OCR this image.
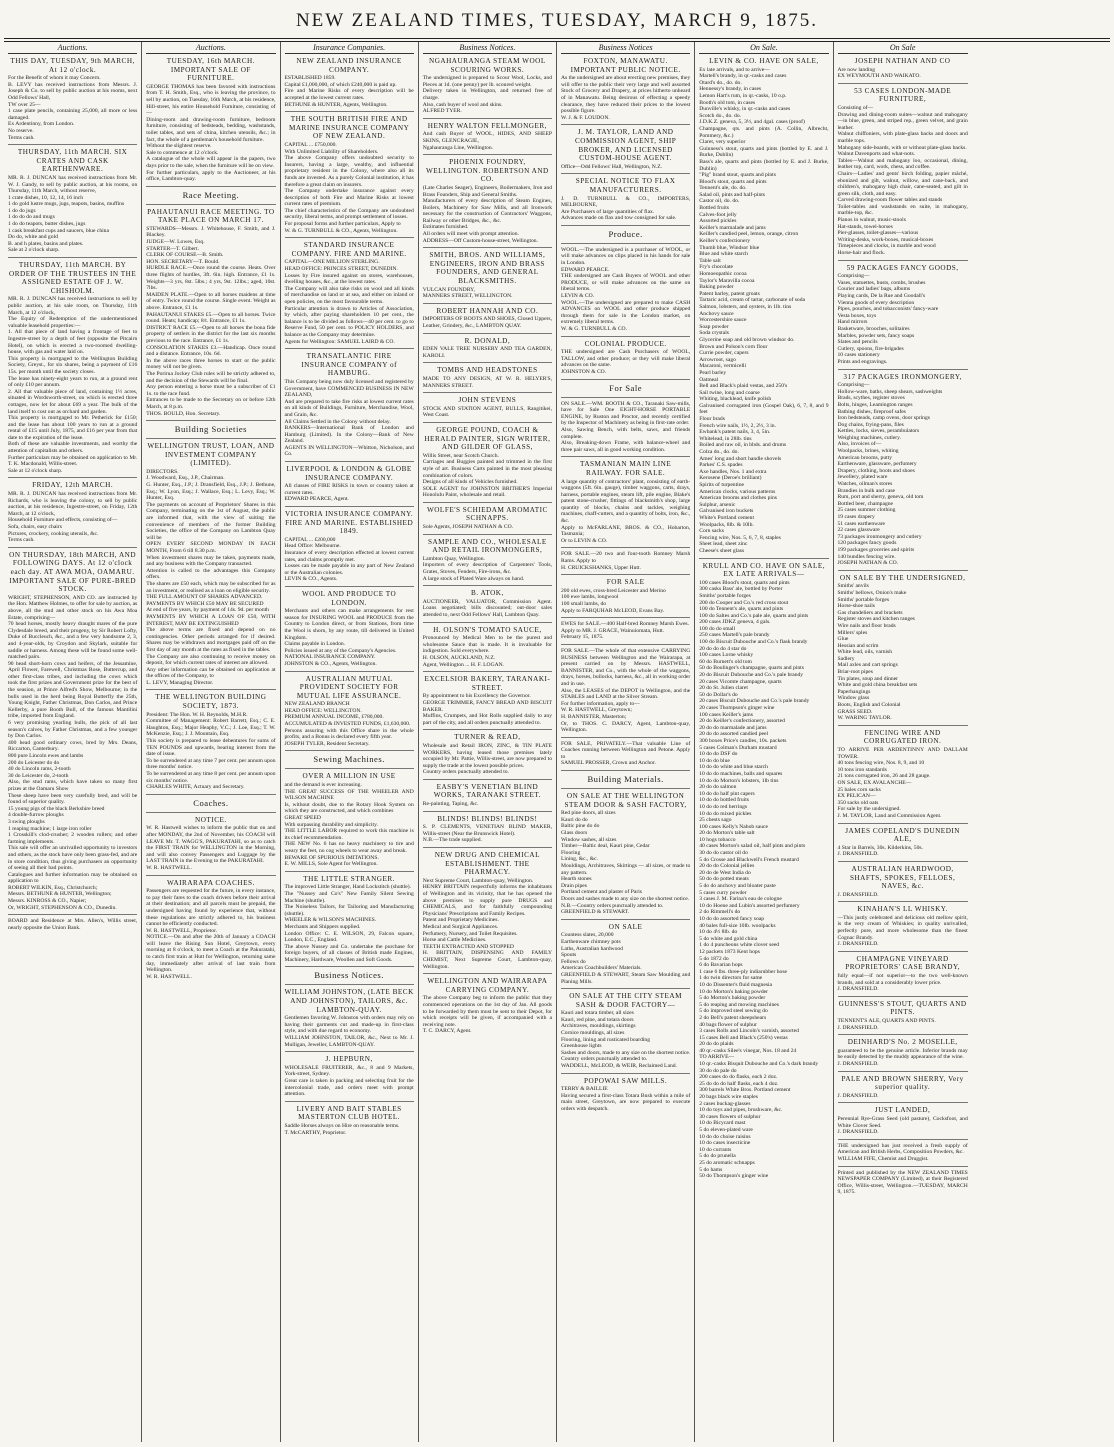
NEW ZEALAND TIMES, TUESDAY, MARCH 9, 1875.
Auctions.
THIS DAY, TUESDAY, 9th MARCH, At 12 o'clock.
For the Benefit of whom it may Concern.
B. LEVY has received instructions from Messrs. J. Joseph & Co. to sell by public auction at his rooms, next Odd Fellows' Hall,
TW over 25—
1 case plate pencils, containing 25,000, all more or less damaged.
Ex Ardentinny, from London.
No reserve.
Terms cash.
THURSDAY, 11th MARCH. SIX CRATES AND CASK EARTHENWARE.
MR. R. J. DUNCAN has received instructions from Mr. W. J. Gandy, to sell by public auction, at his rooms, on Thursday, 11th March, without reserve,
1 crate dishes, 10, 12, 14, 16 inch
1 do gold lustre mugs, jugs, teapots, basins, muffins
1 do do jugs
1 do do do and mugs
1 do do teapots, butter dishes, jugs
1 cask breakfast cups and saucers, blue china
Do do, white and gold
B. and h plates, basins and plates.
Sale at 2 o'clock sharp.
THURSDAY, 11th MARCH. BY ORDER OF THE TRUSTEES IN THE ASSIGNED ESTATE OF J. W. CHISHOLM.
MR. R. J. DUNCAN has received instructions to sell by public auction, at his sale room, on Thursday, 11th March, at 12 o'clock,
The Equity of Redemption of the undermentioned valuable leasehold properties:—
1. All that piece of land having a frontage of feet to Ingestre-street by a depth of feet (opposite the Pitcairn Hotel), on which is erected a two-roomed dwelling-house, with gas and water laid on.
This property is mortgaged to the Wellington Building Society, Greyst., for six shares, being a payment of £16 15s. per month until the society closes.
The lease has ninety-eight years to run, at a ground rent of only £10 per annum.
2. All that valuable piece of land, containing 1½ acres, situated in Wordsworth-street, on which is erected three cottages, now let for about £69 a year. The bulk of the land itself to cost out as orchard and garden.
This property is mortgaged to Mr. Petherick for £150; and the lease has about 100 years to run at a ground rental of £15 until July, 1875, and £16 per year from that date to the expiration of the lease.
Both of these are valuable investments, and worthy the attention of capitalists and others.
Further particulars may be obtained on application to Mr. T. K. Macdonald, Willis-street.
Sale at 12 o'clock sharp.
FRIDAY, 12th MARCH.
MR. R. J. DUNCAN has received instructions from Mr. Richards, who is leaving the colony, to sell by public auction, at his residence, Ingestre-street, on Friday, 12th March, at 12 o'clock,
Household Furniture and effects, consisting of—
Sofa, chairs, easy chairs
Pictures, crockery, cooking utensils, &c.
Terms cash.
ON THURSDAY, 18th MARCH, AND FOLLOWING DAYS. At 12 o'clock each day. AT AWA MOA, OAMARU. IMPORTANT SALE OF PURE-BRED STOCK.
WRIGHT, STEPHENSON, AND CO. are instructed by the Hon. Matthew Holmes, to offer for sale by auction, as above, all the stud and other stock on his Awa Moa Estate, comprising—
70 head horses, mostly heavy draught mares of the pure Clydesdale breed, and their progeny, by Sir Robert Lofty, Duke of Buccleuch, &c., and a few very handsome 2, 3, and 4-year-olds, by Croydon and Skylark, suitable for saddle or harness. Among these will be found some well-matched pairs.
90 head short-horn cows and heifers, of the Jessamine, April Flower, Farewell, Christmas Rose, Buttercup, and other first-class tribes, and including the cows which took the first prizes and Government prize for the best of the seasion, at Prince Alfred's Show, Melbourne; in the bulls used in the herd being Royal Butterfly the 25th, Young Knight, Father Christmas, Don Carlos, and Prince Kellerby, a pure Booth Bull, of the famous Mantilini tribe, imported from England.
6 very promising yearling bulls, the pick of all last season's calves, by Father Christmas, and a few younger by Don Carlos.
400 head good ordinary cows, bred by Mrs. Deans, Riccarton, Canterbury.
800 pure Lincoln ewes and lambs
200 do Leicester do do
40 do Lincoln rams, 2-tooth
30 do Leicester do, 2-tooth
Also, the stud rams, which have taken so many first prizes at the Oamaru Show
These sheep have been very carefully bred, and will be found of superior quality.
15 young pigs of the black Berkshire breed
4 double-furrow ploughs
3 swing ploughs
1 reaping machine; 1 large iron roller
1 Crosskill's clod-crusher; 2 wooden rollers; and other farming implements.
This sale will offer an unrivalled opportunity to investors and others, as the stock have only been grass-fed, and are in store condition, thus giving purchasers an opportunity of seeing all their bad points.
Catalogues and further information may be obtained on application to
ROBERT WILKIN, Esq., Christchurch;
Messrs. BETHUNE & HUNTER, Wellington;
Messrs. KINROSS & CO., Napier;
Or, WRIGHT, STEPHENSON & CO., Dunedin.
BOARD and Residence at Mrs. Allen's, Willis street, nearly opposite the Union Bank.
Auctions.
TUESDAY, 16th MARCH. IMPORTANT SALE OF FURNITURE.
GEORGE THOMAS has been favored with instructions from T. H. Smith, Esq., who is leaving the province, to sell by auction, on Tuesday, 16th March, at his residence, Hill-street, his entire Household Furniture, consisting of—
Dining-room and drawing-room furniture, bedroom furniture, consisting of bedsteads, bedding, washstands, toilet tables, and sets of china, kitchen utensils, &c.; in fact, the whole of a gentleman's household furniture.
Without the slightest reserve.
Sale to commence at 12 o'clock.
A catalogue of the whole will appear in the papers, two days prior to the sale, when the furniture will be on view.
For further particulars, apply to the Auctioneer, at his office, Lambton-quay.
Race Meeting.
PAHAUTANUI RACE MEETING. TO TAKE PLACE ON MARCH 17.
STEWARDS—Messrs. J. Whitehouse, F. Smith, and J. Blackey.
JUDGE—W. Lowes, Esq.
STARTER—T. Gilbert.
CLERK OF COURSE—B. Smith.
HON. SECRETARY—T. Bould.
HURDLE RACE.—Once round the course. Heats. Over three flights of hurdles, 3ft. 6in. high. Entrance, £1 1s. Weights—3 yrs, 8st. 5lbs.; 4 yrs, 9st. 12lbs.; aged, 10st. 7lbs.
MAIDEN PLATE.—Open to all horses maidens at time of entry. Twice round the course. Single event. Weight as above. Entrance, £1 1s.
PAHAUTANUI STAKES £5.—Open to all horses. Twice round. Heats; handicap; 8/t. Entrance, £1 1s.
DISTRICT RACE £5.—Open to all horses the bona fide property of settlers in the district for the last six months previous to the race. Entrance, £1 1s.
CONSOLATION STAKES £3.—Handicap. Once round and a distance. Entrance, 10s. 6d.
In the above races three horses to start or the public money will not be given.
The Porirua Jockey Club rules will be strictly adhered to, and the decision of the Stewards will be final.
Any person entering a horse must be a subscriber of £1 1s. to the race fund.
Entrances to be made to the Secretary on or before 12th March, at 8 p.m.
THOS. BOULD, Hon. Secretary.
Building Societies
WELLINGTON TRUST, LOAN, AND INVESTMENT COMPANY (LIMITED).
DIRECTORS.
J. Woodward, Esq., J.P., Chairman.
G. Hunter, Esq., J.P.; J. Dransfield, Esq., J.P.; J. Bethune, Esq.; W. Lyon, Esq.; J. Wallace, Esq.; L. Levy, Esq.; W. Hunter, Esq.
The payments on account of Proprietors' Shares in this Company, terminating on the 1st of August, the public are informed that, with the view of suiting the convenience of members of the former Building Societies, the office of the Company on Lambton Quay will be
OPEN EVERY SECOND MONDAY IN EACH MONTH, From 6 till 8.30 p.m.
When investment shares may be taken, payments made, and any business with the Company transacted.
Attention is called to the advantages this Company offers.
The shares are £50 each, which may be subscribed for as an investment, or realised as a loan on eligible security.
THE FULL AMOUNT OF SHARES ADVANCED.
PAYMENTS BY WHICH £50 MAY BE SECURED
At end of five years, by payment of 14s. 9d. per month
PAYMENTS BY WHICH A LOAN OF £50, WITH INTEREST, MAY BE EXTINGUISHED
The above terms are fixed and depend on no contingencies. Other periods arranged for if desired. Shares may be withdrawn and mortgages paid off on the first day of any month at the rates as fixed in the tables.
The Company are also continuing to receive money on deposit, for which current rates of interest are allowed.
Any other information can be obtained on application at the offices of the Company, to
L. LEVY, Managing Director.
THE WELLINGTON BUILDING SOCIETY, 1873.
President: The Hon. W. H. Reynolds, M.H.R.
Committee of Management: Robert Barrett, Esq.; C. E. Haughton, Esq.; Major Heaphy, V.C.; J. Loe, Esq.; T. W. McKenzie, Esq.; J. J. Mountain, Esq.
This society is prepared to lease debentures for sums of TEN POUNDS and upwards, bearing interest from the date of issue.
To be surrendered at any time 7 per cent. per annum upon three months' notice.
To be surrendered at any time 8 per cent. per annum upon six months' notice.
CHARLES WHITE, Actuary and Secretary.
Coaches.
NOTICE.
W. R. Hastwell wishes to inform the public that on and after MONDAY, the 2nd of November, his COACH will LEAVE Mr. T. WAGG'S, PAKURATAHI, so as to catch the FIRST TRAIN for WELLINGTON in the Morning, and will also convey Passengers and Luggage by the LAST TRAIN in the Evening to the PAKURATAHI.
W. R. HASTWELL.
WAIRARAPA COACHES.
Passengers are requested for the future, in every instance, to pay their fares to the coach drivers before their arrival at their destination; and all parcels must be prepaid, the undersigned having found by experience that, without these regulations are strictly adhered to, his business cannot be efficiently conducted.
W. R. HASTWELL, Proprietor.
NOTICE.—On and after the 20th of January a COACH will leave the Rising Sun Hotel, Greytown, every morning at 8 o'clock, to meet a Coach at the Pakuratahi, to catch first train at Hutt for Wellington, returning same day, immediately after arrival of last train from Wellington.
W. R. HASTWELL.
Insurance Companies.
NEW ZEALAND INSURANCE COMPANY.
ESTABLISHED 1859.
Capital £1,000,000, of which £240,000 is paid up.
Fire and Marine Risks of every description will be accepted at the lowest current rates.
BETHUNE & HUNTER, Agents, Wellington.
THE SOUTH BRITISH FIRE AND MARINE INSURANCE COMPANY OF NEW ZEALAND.
CAPITAL ... £750,000.
With Unlimited Liability of Shareholders.
The above Company offers undoubted security to Insurers, having a large, wealthy, and influential proprietary resident in the Colony, where also all its funds are invested. As a purely Colonial institution, it has therefore a great claim on insurers.
The Company undertake insurance against every description of both Fire and Marine Risks at lowest current rates of premium.
The chief characteristics of the Company are undoubted security, liberal terms, and prompt settlement of losses.
For proposal forms and further particulars, Apply to
W. & G. TURNBULL & CO., Agents, Wellington.
STANDARD INSURANCE COMPANY. FIRE AND MARINE.
CAPITAL—ONE MILLION STERLING.
HEAD OFFICE: PRINCES STREET, DUNEDIN.
Losses by Fire insured against on stores, warehouses, dwelling houses, &c., at the lowest rates.
The Company will also take risks on wool and all kinds of merchandise on land or at sea, and either on inland or open policies, on the most favourable terms.
Particular attention is drawn to Articles of Association, by which, after paying shareholders 10 per cent., the balance is to be divided as follows—40 per cent. to go to Reserve Fund, 50 per cent. to POLICY HOLDERS, and balance as the Company may determine.
Agents for Wellington: SAMUEL LAIRD & CO.
TRANSATLANTIC FIRE INSURANCE COMPANY of HAMBURG.
This Company being now duly licensed and registered by Government, have COMMENCED BUSINESS IN NEW ZEALAND,
And are prepared to take fire risks at lowest current rates on all kinds of Buildings, Furniture, Merchandise, Wool, and Grain, &c.
All Claims Settled in the Colony without delay.
BANKERS—International Bank of London and Hamburg (Limited). In the Colony—Bank of New Zealand.
AGENTS IN WELLINGTON—Whitton, Nicholson, and Co.
LIVERPOOL & LONDON & GLOBE INSURANCE COMPANY.
All classes of FIRE RISKS in town or country taken at current rates.
EDWARD PEARCE, Agent.
VICTORIA INSURANCE COMPANY. FIRE AND MARINE. ESTABLISHED 1849.
CAPITAL ... £200,000
Head Office: Melbourne.
Insurance of every description effected at lowest current rates, and claims promptly met.
Losses can be made payable in any part of New Zealand or the Australian colonies.
LEVIN & CO., Agents.
WOOL AND PRODUCE TO LONDON.
Merchants and others can make arrangements for rest season for INSURING WOOL and PRODUCE from the Country to London direct, or from Stations, from time the Wool is shorn, by any route, till delivered in United Kingdom.
Claims payable in London.
Policies issued at any of the Company's Agencies.
NATIONAL INSURANCE COMPANY.
JOHNSTON & CO., Agents, Wellington.
AUSTRALIAN MUTUAL PROVIDENT SOCIETY FOR MUTUAL LIFE ASSURANCE.
NEW ZEALAND BRANCH
HEAD OFFICE: WELLINGTON.
PREMIUM ANNUAL INCOME, £780,000.
ACCUMULATED & INVESTED FUNDS, £1,630,000.
Persons assuring with this Office share in the whole profits, and a Bonus is declared every fifth year.
JOSEPH TYLER, Resident Secretary.
Sewing Machines.
OVER A MILLION IN USE
and the demand is ever increasing.
THE GREAT SUCCESS OF THE WHEELER AND WILSON MACHINE
Is, without doubt, due to the Rotary Hook System on which they are constructed, and which combines
GREAT SPEED
With surpassing durability and simplicity.
THE LITTLE LABOR required to work this machine is its chief recommendation.
THE NEW No. 6 has no heavy machinery to tire and weary the feet, no cog wheels to wear away and break.
BEWARE OF SPURIOUS IMITATIONS.
E. W. MILLS, Sole Agent for Wellington.
THE LITTLE STRANGER.
The improved Little Stranger, Hand Lockstitch (shuttle).
The "Nussey and Co's" New Family Silent Sewing Machine (shuttle).
The Noiseless Tailors, for Tailoring and Manufacturing (shuttle).
WHEELER & WILSON'S MACHINES.
Merchants and Shippers supplied.
London Office: C. E. WILSON, 29, Falcon square, London, E.C., England.
The above Nussey and Co. undertake the purchase for foreign buyers, of all classes of British made Engines, Machinery, Hardware, Woollen and Soft Goods.
Business Notices.
WILLIAM JOHNSTON, (LATE BECK AND JOHNSTON), TAILORS, &c. LAMBTON-QUAY.
Gentlemen favoring W. Johnston with orders may rely on having their garments cut and made-up in first-class style, and with due regard to economy.
WILLIAM JOHNSTON, TAILOR, &c., Next to Mr. J. Mulligan, Jeweller, LAMBTON-QUAY.
J. HEPBURN,
WHOLESALE FRUITERER, &c., 8 and 9 Markets, York-street, Sydney.
Great care is taken in packing and selecting fruit for the intercolonial trade, and orders meet with prompt attention.
LIVERY AND BAIT STABLES MASTERTON CLUB HOTEL.
Saddle Horses always on Hire on reasonable terms.
T. McCARTHY, Proprietor.
Business Notices.
NGAHAURANGA STEAM WOOL SCOURING WORKS.
The undersigned is prepared to Scour Wool, Locks, and Pieces at 1d. (one penny) per lb. scoured weight.
Delivery taken in Wellington, and returned free of charge.
Also, cash buyer of wool and skins.
ALFRED TYER.
HENRY WALTON FELLMONGER,
And cash Buyer of WOOL, HIDES, AND SHEEP SKINS, GLENCRAGIE,
Ngahauranga Line, Wellington.
PHOENIX FOUNDRY, WELLINGTON. ROBERTSON AND CO.
(Late Charles Seager), Engineers, Boilermakers, Iron and Brass Founders, Ship and General Smiths.
Manufacturers of every description of Steam Engines, Boilers, Machinery for Saw Mills, and all Ironwork necessary for the construction of Contractors' Waggons, Railway or other Bridges, &c., &c.
Estimates furnished.
All orders will meet with prompt attention.
ADDRESS—Off Custom-house-street, Wellington.
SMITH, BROS. AND WILLIAMS, ENGINEERS, IRON AND BRASS FOUNDERS, AND GENERAL BLACKSMITHS.
VULCAN FOUNDRY,
MANNERS STREET, WELLINGTON.
ROBERT HANNAH AND CO.
IMPORTERS OF BOOTS AND SHOES, Closed Uppers, Leather, Grindery, &c., LAMBTON QUAY.
R. DONALD,
EDEN VALE TREE NURSERY AND TEA GARDEN, KAROLI.
TOMBS AND HEADSTONES
MADE TO ANY DESIGN, AT W. R. HELYER'S, MANNERS STREET.
JOHN STEVENS
STOCK AND STATION AGENT, BULLS, Rangitikei, West Coast.
GEORGE POUND, COACH & HERALD PAINTER, SIGN WRITER, AND GILDER OF GLASS,
Willis Street, near Scotch Church.
Carriages and Buggies painted and trimmed in the first style of art. Business Carts painted in the most pleasing combination of colors.
Designs of all kinds of Vehicles furnished.
SOLE AGENT for JOHNSTON BRITHER'S Imperial Honolulu Paint, wholesale and retail.
WOLFE'S SCHIEDAM AROMATIC SCHNAPPS.
Sole Agents, JOSEPH NATHAN & CO.
SAMPLE AND CO., WHOLESALE AND RETAIL IRONMONGERS,
Lambton Quay, Wellington.
Importers of every description of Carpenters' Tools, Grates, Stoves, Fenders, Fire-irons, &c.
A large stock of Plated Ware always on hand.
B. ATOK,
AUCTIONEER, VALUATOR, Commission Agent. Loans negotiated; bills discounted; out-door sales attended to, next Odd Fellows' Hall, Lambton Quay.
H. OLSON'S TOMATO SAUCE,
Pronounced by Medical Men to be the purest and wholesome Sauce that is made. It is invaluable for indigestion. Sold everywhere.
H. OLSON, AUCKLAND, N.Z.
Agent, Wellington ... H. F. LOGAN.
EXCELSIOR BAKERY, TARANAKI-STREET.
By appointment to his Excellency the Governor.
GEORGE TRIMMER, FANCY BREAD AND BISCUIT BAKER.
Muffins, Crumpets, and Hot Rolls supplied daily to any part of the city, and all orders punctually attended to.
TURNER & READ,
Wholesale and Retail IRON, ZINC, & TIN PLATE WORKERS, having leased those premises lately occupied by Mr. Pattie, Willis-street, are now prepared to supply the trade at the lowest possible prices.
Country orders punctually attended to.
EASBY'S VENETIAN BLIND WORKS, TARANAKI STREET.
Re-painting, Taping, &c.
BLINDS! BLINDS! BLINDS!
S. P. CLEMENTS, VENETIAN BLIND MAKER, Willis-street (Near the Brunswick Hotel).
N.B.—The trade supplied.
NEW DRUG AND CHEMICAL ESTABLISHMENT. THE PHARMACY.
Next Supreme Court, Lambton-quay, Wellington.
HENRY BRITTAIN respectfully informs the inhabitants of Wellington and its vicinity, that he has opened the above premises to supply pure DRUGS and CHEMICALS, and for faithfully compounding Physicians' Prescriptions and Family Recipes.
Patent and Proprietary Medicines.
Medical and Surgical Appliances.
Perfumery, Nursery, and Toilet Requisites.
Horse and Cattle Medicines.
TEETH EXTRACTED AND STOPPED
H. BRITTAIN, DISPENSING AND FAMILY CHEMIST, Next Supreme Court, Lambton-quay, Wellington.
WELLINGTON AND WAIRARAPA CARRYING COMPANY.
The above Company beg to inform the public that they commenced operations on the 1st day of Jan. All goods to be forwarded by them must be sent to their Depot, for which receipts will be given, if accompanied with a receiving note.
T. C. DARCY, Agent.
Business Notices
FOXTON, MANAWATU. IMPORTANT PUBLIC NOTICE.
As the undersigned are about erecting new premises, they will offer to the public their very large and well assorted Stock of Grocery and Drapery, at prices hitherto unheard of in Manawatu. Being desirous of effecting a speedy clearance, they have reduced their prices to the lowest possible figure.
W. J. & F. LOUDON.
J. M. TAYLOR, LAND AND COMMISSION AGENT, SHIP BROKER, AND LICENSED CUSTOM-HOUSE AGENT.
Office—Odd Fellows' Hall, Wellington, N.Z.
SPECIAL NOTICE TO FLAX MANUFACTURERS.
J. D. TURNBULL & CO., IMPORTERS, MELBOURNE,
Are Purchasers of large quantities of flax.
Advances made on flax and tow consigned for sale.
Produce.
WOOL.—The undersigned is a purchaser of WOOL, or will make advances on clips placed in his hands for sale in London.
EDWARD PEARCE.
THE undersigned are Cash Buyers of WOOL and other PRODUCE, or will make advances on the same on liberal terms.
LEVIN & CO.
WOOL.—The undersigned are prepared to make CASH ADVANCES on WOOL and other produce shipped through them for sale in the London market, on extremely liberal terms.
W. & G. TURNBULL & CO.
COLONIAL PRODUCE.
THE undersigned are Cash Purchasers of WOOL, TALLOW, and other produce; or they will make liberal advances on the same.
JOHNSTON & CO.
For Sale
ON SALE.—WM. BOOTH & CO., Taranaki Saw-mills, have for Sale One EIGHT-HORSE PORTABLE ENGINE, by Ruston and Proctor, and recently certified by the Inspector of Machinery as being in first-rate order.
Also, Sawing Bench, with belts, saws, and friends complete.
Also, Breaking-down Frame, with balance-wheel and three pair saws, all in good working condition.
TASMANIAN MAIN LINE RAILWAY. FOR SALE.
A large quantity of contractors' plant, consisting of earth-waggons (5ft. 6in. gauge), timber waggons, carts, drays, harness, portable engines, steam lift, pile engine, Blake's patent stone-crusher, fittings of blacksmith's shop, large quantity of blocks, chains and tackles, weighing machines, chaff-cutters, and a quantity of bolts, iron, &c., &c.
Apply to McFARLANE, BROS. & CO., Hobarton, Tasmania;
Or to LEVIN & CO.
FOR SALE.—20 two and four-tooth Romney Marsh Rams. Apply to
H. CRUICKSHANKS, Upper Hutt.
FOR SALE
200 old ewes, cross-bred Leicester and Merino
100 ewe lambs, longwool
100 small lambs, do
Apply to FARQUHAR McLEOD, Evans Bay.
EWES for SALE.—400 Half-bred Romney Marsh Ewes.
Apply to MR. J. GRACE, Wainuiomata, Hutt.
February 15, 1875.
FOR SALE.—The whole of that extensive CARRYING BUSINESS between Wellington and the Wairarapa, at present carried on by Messrs. HASTWELL, BANNISTER, and Co., with the whole of the waggons, drays, horses, bullocks, harness, &c., all in working order and in use.
Also, the LEASES of the DEPOT in Wellington, and the STABLES and LAND at the Silver Stream.
For further information, apply to—
W. R. HASTWELL, Greytown;
H. BANNISTER, Masterton;
Or, to THOS. C. DARCY, Agent, Lambton-quay, Wellington.
FOR SALE, PRIVATELY.—That valuable Line of Coaches running between Wellington and Petone. Apply to
SAMUEL PROSSER, Crown and Anchor.
Building Materials.
ON SALE AT THE WELLINGTON STEAM DOOR & SASH FACTORY,
Red pine doors, all sizes
Kauri do do
Baltic pine do do
Glass doors
Window sashes, all sizes
Timber—Baltic deal, Kauri pine, Cedar
Flooring
Lining, &c., &c.
Mouldings, Architraves, Skirtings — all sizes, or made to any pattern.
Hearth stones
Drain pipes
Portland cement and plaster of Paris
Doors and sashes made to any size on the shortest notice.
N.B.—Country orders punctually attended to.
GREENFIELD & STEWART.
ON SALE
Countess slates, 20,000
Earthenware chimney pots
Laths, Australian hardwood
Spouts
Fellows do
American Coachbuilders' Materials.
GREENFIELD & STEWART, Steam Saw Moulding and Planing Mills.
ON SALE AT THE CITY STEAM SASH & DOOR FACTORY—
Kauri and totara timber, all sizes
Kauri, red pine, and totara doors
Architraves, mouldings, skirtings
Cornice mouldings, all sizes
Flooring, lining and rusticated boarding
Greenhouse lights
Sashes and doors, made to any size on the shortest notice.
Country orders punctually attended to.
WADDELL, McLEOD, & WEIR, Reclaimed Land.
POPOWAI SAW MILLS.
TERRY & BAILLIE
Having secured a first-class Totara Bush within a mile of main street, Greytown, are now prepared to execute orders with despatch.
On Sale.
LEVIN & CO. HAVE ON SALE,
Ex late arrivals, and to arrive—
Martell's brandy, in qr.-casks and cases
Otard's do., do. do.
Hennessy's brandy, in cases
Lemon Hart's rum, in qr.-casks, 10 o.p.
Booth's old tom, in cases
Dunville's whisky, in qr.-casks and cases
Scotch do., do. do.
J.D.K.Z. geneva, 5, 3½, and 4gal. cases (proof)
Champagne, qts. and pints (A. Collin, Albrecht, Pommery, &c.)
Claret, very superior
Guinness's stout, quarts and pints (bottled by E. and J. Burke, Dublin)
Bass's ale, quarts and pints (bottled by E. and J. Burke, Dublin)
"Pig" brand stout, quarts and pints
Blood's stout, quarts and pints
Tennent's ale, do. do.
Salad oil, pints and half-pints
Castor oil, do. do.
Bottled fruits
Calves-foot jelly
Assorted pickles
Keiller's marmalade and jams
Keiller's candied peel, lemon, orange, citron
Keiller's confectionery
Thumb blue, Windsor blue
Blue and white starch
Table salt
Fry's chocolate
Homoeopathic cocoa
Taylor's Maravilla cocoa
Baking powder
Patent barley, patent groats
Tartaric acid, cream of tartar, carbonate of soda
Salmon, lobsters, and oysters, in 1lb. tins
Anchovy sauce
Worcestershire sauce
Soap powder
Soda crystals
Glycerine soap and old brown windsor do.
Brown and Polson's corn flour
Currie powder, capers
Arrowroot, sago
Macaroni, vermicelli
Pearl barley
Oatmeal
Bell and Black's plaid vestas, and 250's
Sail twine, long and coarse
Whiting, blacklead, knife polish
Galvanised corrugated iron (Gospel Oak), 6, 7, 8, and 9 feet
Flour brads
French wire nails, 1½, 2, 2½, 3 in.
Ewbank's patent nails, 3, 4, 5in.
Whitelead, in 28lb. tins
Boiled and raw oil, in bbds. and drums
Colza do., do. do.
Ames' long and short handle shovels
Parkes' C.S. spades
Axe handles, Nos. 1 and extra
Kerosene (Deroe's brilliant)
Spirits of turpentine
American clocks, various patterns
American brooms and clothes pins
Sulphur, arsenic
Galvanised iron buckets
White's Portland cement
Woolpacks, 8lb. & 10lb.
Corn sacks
Fencing wire, Nos. 5, 6, 7, 8, staples
Sheet lead, sheet zinc
Cheese's sheet glass
KRULL AND CO. HAVE ON SALE, EX LATE ARRIVALS—
100 cases Blood's stout, quarts and pints
300 casks Bass' ale, bottled by Porter
Smiths' portable forges
200 do Cooper and Co.'s red cross stout
100 do Tennent's ale, quarts and pints
100 do Saltes and Co.'s pale ale, quarts and pints
200 cases JDKZ geneva, 4 gals.
100 do do small
250 cases Martell's pale brandy
100 do Biscuit Dubouche and Co.'s flask brandy
20 do do do 4 star do
100 cases Lorne whisky
60 do Burnett's old tom
50 do Boulinger's champagne, quarts and pints
20 do Biscuit Dubouche and Co.'s pale brandy
20 cases Vicomte champagne, quarts
20 do St. Julien claret
50 do Dollar's do
20 cases Biscuit Dubouche and Co.'s pale brandy
20 cases Thompson's ginger wine
100 cases Keiller's jams
20 do Keiller's confectionery, assorted
20 do do marmalade and jams
20 do do assorted candied peel
300 boxes Price's candles, 10s. packets
5 cases Colman's Durham mustard
10 do do DSF do
10 do do blue
10 do do white and blue starch
10 do do machines, balls and squares
10 do do Morton's lobsters, 1lb tins
20 do do salmon
10 do do half pint capers
10 do do bottled fruits
10 do do red herrings
10 do do mixed pickles
25 chests sago
100 cases Kelly's Nabob sauce
20 do Morton's table salt
10 hogs tobacco
40 cases Morton's salad oil, half pints and pints
30 do do castor oil do
5 do Crosse and Blackwell's French mustard
20 do do Colonial jellies
20 do de West India do
50 do do potted meats
5 do do anchovy and bloater paste
5 cases curry powder
3 cases J. M. Farina's eau de cologne
10 do Hoene and Lubin's assorted perfumery
2 do Rimmell's do
10 do do assorted fancy soap
40 bales full-size 10lb. woolpacks
10 do 4½ 8lb. do
5 do white and gold china
1 do 4 puncheons white clover seed
12 packets 1873 Kent hops
5 do 1872 do
6 do Bavarian hops
1 case 6 lbs. three-ply indiarubber hose
1 do twin directors for same
10 do Dissenter's fluid magnesia
10 do Morton's baking powder
5 do Morton's baking powder
5 do reaping and mowing machines
5 do improved steel sewing do
2 do Bell's patent sheepshears
40 bags flower of sulphur
3 cases Rolls and Lincoln's varnish, assorted
15 cases Bell and Black's (250's) vestas
20 do do plaids
40 qr.-casks Silee's vinegar, Nos. 18 and 24
TO ARRIVE—
10 qr.-casks Bisquit Dubouche and Co.'s dark brandy
30 do do pale do
200 cases do do flasks, each 2 doz.
25 do do do half flasks, each 4 doz.
300 barrels White Bros. Portland cement
20 bags black wire staples
2 cases buckag-glasses
10 do toys and pipes, brushware, &c.
30 cases flowers of sulphur
10 do Bicycard mast
5 do eleven-plated ware
10 do do choise raisins
10 do cases insecticine
10 do currants
5 do do prunella
25 do aromatic schnapps
5 do hams
50 do Thompson's ginger wine
On Sale
JOSEPH NATHAN AND CO
Are now landing
EX WEYMOUTH AND WAIKATO.
53 CASES LONDON-MADE FURNITURE,
Consisting of—
Drawing and dining-room suites—walnut and mahogany—in blue, green, and striped rep., green velvet, and grain leather.
Walnut chiffoniers, with plate-glass backs and doors and marble tops.
Mahogany side-boards, with or without plate-glass backs.
Walnut Davenports and what-nots.
Tables—Walnut and mahogany loo, occasional, dining, leather top, card, work, chess, and coffee.
Chairs—Ladies' and gents' birch folding, papier mâché, ebonized and gilt, walnut, willow, and cane-back, and children's, mahogany high chair, cane-seated, and gilt in green silk, cloth, and easy.
Carved drawing-room flower tables and stands
Toilet-tables and washstands en suite, in mahogany, marble-top, &c.
Pianos in walnut, music-stools
Hat-stands, towel-horses
Pier-glasses, toilet-glasses—various
Writing-desks, work-boxes, musical-boxes
Timepieces and clocks, in marble and wood
Horse-hair and flock.
59 PACKAGES FANCY GOODS,
Comprising—
Vases, statuettes, busts, combs, brushes
Courier and ladies' bags, albums
Playing cards, De la Rue and Goodall's
Vienna goods of every description
Pipes, pouches, and tobacconists' fancy-ware
Vesta boxes, toys
Hand mirrors
Basketware, brooches, solitaires
Marbles, powder sets, fancy soaps
Slates and pencils
Cutlery, spoons, fire-brigades
10 cases stationery
Prints and engravings.
317 PACKAGES IRONMONGERY,
Comprising—
Hollow-ware, baths, sheep shears, sashweights
Brads, scythes, register stoves
Bolts, hinges, Leamington ranges
Bathing dishes, fireproof safes
Iron bedsteads, camp ovens, door springs
Dog chains, frying-pans, files
Kettles, locks, sieves, perambulators
Weighing machines, cutlery.
Also, invoices of—
Woolpacks, brines, whiting
American brooms, putty
Earthenware, glassware, perfumery
Drapery, clothing, boots and shoes
Jewellery, plated ware
Watches, oilman's stores
Brandies in bulk and case
Rum, port and sherry, geneva, old tom
Bottled beer, champagne
25 cases summer clothing
19 cases drapery
51 cases earthenware
22 cases glassware
73 packages ironmongery and cutlery
120 packages fancy goods
199 packages groceries and spirits
140 bundles fencing wire.
JOSEPH NATHAN & CO.
ON SALE BY THE UNDERSIGNED,
Smiths' anvils
Smiths' bellows, Onion's make
Smiths' portable forges
Horse-shoe nails
Gas chandeliers and brackets
Register stoves and kitchen ranges
Wire nails and floor brads
Millers' sples
Glue
Hessian and scrim
White lead, oils, varnish
Sadlery
Mail axles and cart springs
Briar-root pipes
Tin plates, soup and dinner
White and gold china breakfast sets
Paperhangings
Window glass
Boots, English and Colonial
GRASS SEED.
W. WARING TAYLOR.
FENCING WIRE AND CORRUGATED IRON.
TO ARRIVE PER ARDENTINNY AND DALLAM TOWER.
40 tons fencing wire, Nos. 8, 9, and 10
10 tons iron standards
21 tons corrugated iron, 26 and 28 gauge.
ON SALE, EX AVALANCHE—
25 bales corn sacks
EX PELICAN—
350 sacks old oats
For sale by the undersigned.
J. M. TAYLOR, Land and Commission Agent.
JAMES COPELAND'S DUNEDIN ALE,
4 Star in Barrels, 30s. Kilderkins, 50s.
J. DRANSFIELD.
AUSTRALIAN HARDWOOD, SHAFTS, SPOKES, FELLOES, NAVES, &c.
J. DRANSFIELD.
KINAHAN'S LL WHISKY.
—This justly celebrated and delicious old mellow spirit, is the very cream of Whiskies; in quality unrivalled, perfectly pure, and more wholesome than the finest Cognac Brandy.
J. DRANSFIELD.
CHAMPAGNE VINEYARD PROPRIETORS' CASE BRANDY,
fully equal—if not superior—to the two well-known brands, and sold at a considerably lower price.
J. DRANSFIELD.
GUINNESS'S STOUT, QUARTS AND PINTS.
TENNENT'S ALE, QUARTS AND PINTS.
J. DRANSFIELD.
DEINHARD'S No. 2 MOSELLE,
guaranteed to be the genuine article. Inferior brands may be easily detected by the muddy appearance of the wine.
J. DRANSFIELD.
PALE AND BROWN SHERRY, Very superior quality.
J. DRANSFIELD.
JUST LANDED,
Perennial Rye-Grass Seed (old pasture), Cocksfoot, and White Clover Seed.
J. DRANSFIELD.
THE undersigned has just received a fresh supply of American and British Herbs, Composition Powders, &c.
WILLIAM FIFE, Chemist and Druggist.
Printed and published by the NEW ZEALAND TIMES NEWSPAPER COMPANY (Limited), at their Registered Office, Willis-street, Wellington.—TUESDAY, MARCH 9, 1875.
